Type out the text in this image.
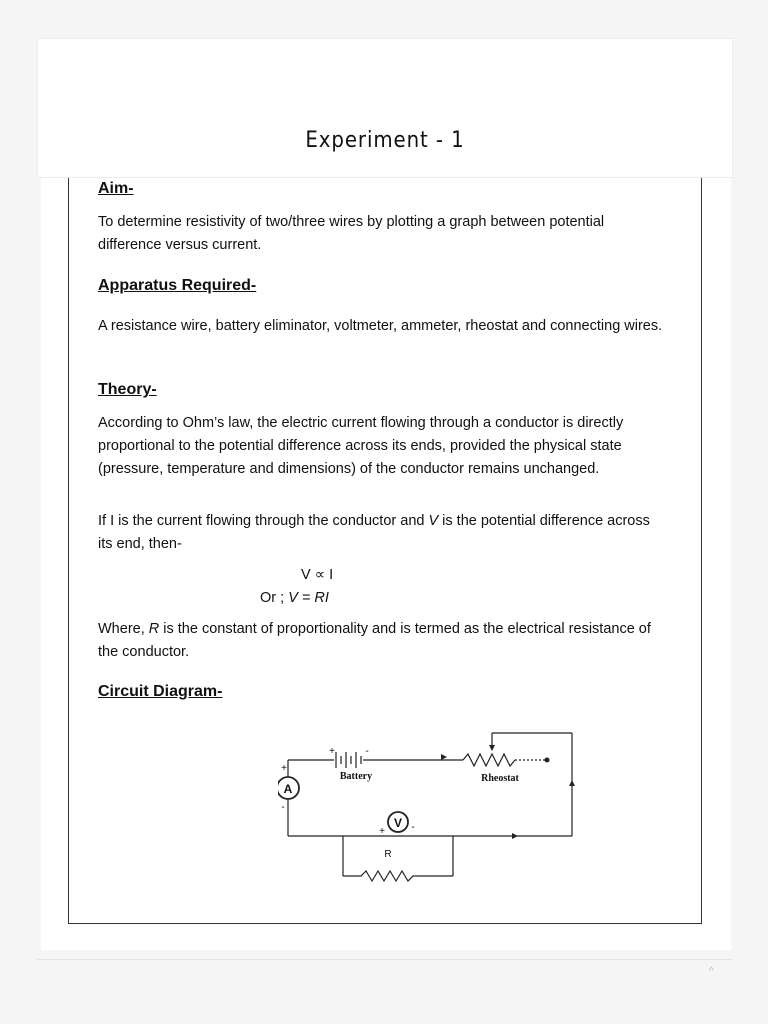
Experiment - 1
Aim-

To determine resistivity of two/three wires by plotting a graph between potential difference versus current.

Apparatus Required-

A resistance wire, battery eliminator, voltmeter, ammeter, rheostat and connecting wires.

Theory-

According to Ohm’s law, the electric current flowing through a conductor is directly proportional to the potential difference across its ends, provided the physical state (pressure, temperature and dimensions) of the conductor remains unchanged.

If I is the current flowing through the conductor and V is the potential difference across its end, then-

V ∝ I
Or ; V = RI

Where, R is the constant of proportionality and is termed as the electrical resistance of the conductor.

Circuit Diagram-
A
+
-
V
+	-
+	-
Battery	Rheostat
R
^
